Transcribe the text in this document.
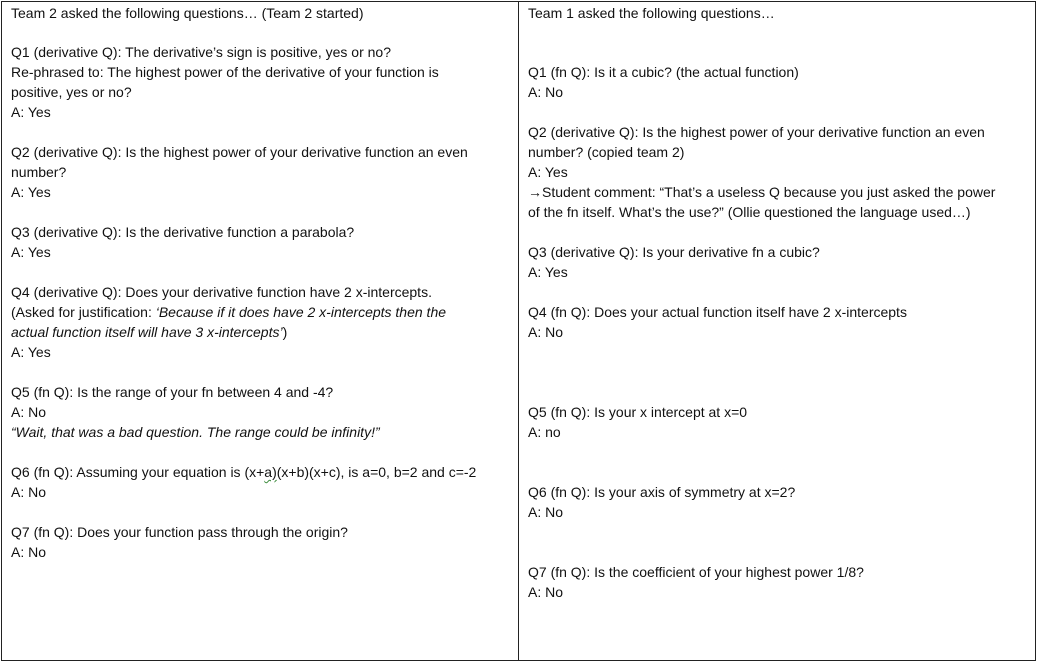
Team 2 asked the following questions… (Team 2 started)
Q1 (derivative Q): The derivative’s sign is positive, yes or no?
Re-phrased to: The highest power of the derivative of your function is
positive, yes or no?
A: Yes
Q2 (derivative Q): Is the highest power of your derivative function an even
number?
A: Yes
Q3 (derivative Q): Is the derivative function a parabola?
A: Yes
Q4 (derivative Q): Does your derivative function have 2 x-intercepts.
(Asked for justification: ‘Because if it does have 2 x-intercepts then the
actual function itself will have 3 x-intercepts’)
A: Yes
Q5 (fn Q): Is the range of your fn between 4 and -4?
A: No
“Wait, that was a bad question. The range could be infinity!”
Q6 (fn Q): Assuming your equation is (x+a)(x+b)(x+c), is a=0, b=2 and c=-2
A: No
Q7 (fn Q): Does your function pass through the origin?
A: No
Team 1 asked the following questions…
Q1 (fn Q): Is it a cubic? (the actual function)
A: No
Q2 (derivative Q): Is the highest power of your derivative function an even
number? (copied team 2)
A: Yes
→Student comment: “That’s a useless Q because you just asked the power
of the fn itself. What’s the use?” (Ollie questioned the language used…)
Q3 (derivative Q): Is your derivative fn a cubic?
A: Yes
Q4 (fn Q): Does your actual function itself have 2 x-intercepts
A: No
Q5 (fn Q): Is your x intercept at x=0
A: no
Q6 (fn Q): Is your axis of symmetry at x=2?
A: No
Q7 (fn Q): Is the coefficient of your highest power 1/8?
A: No
